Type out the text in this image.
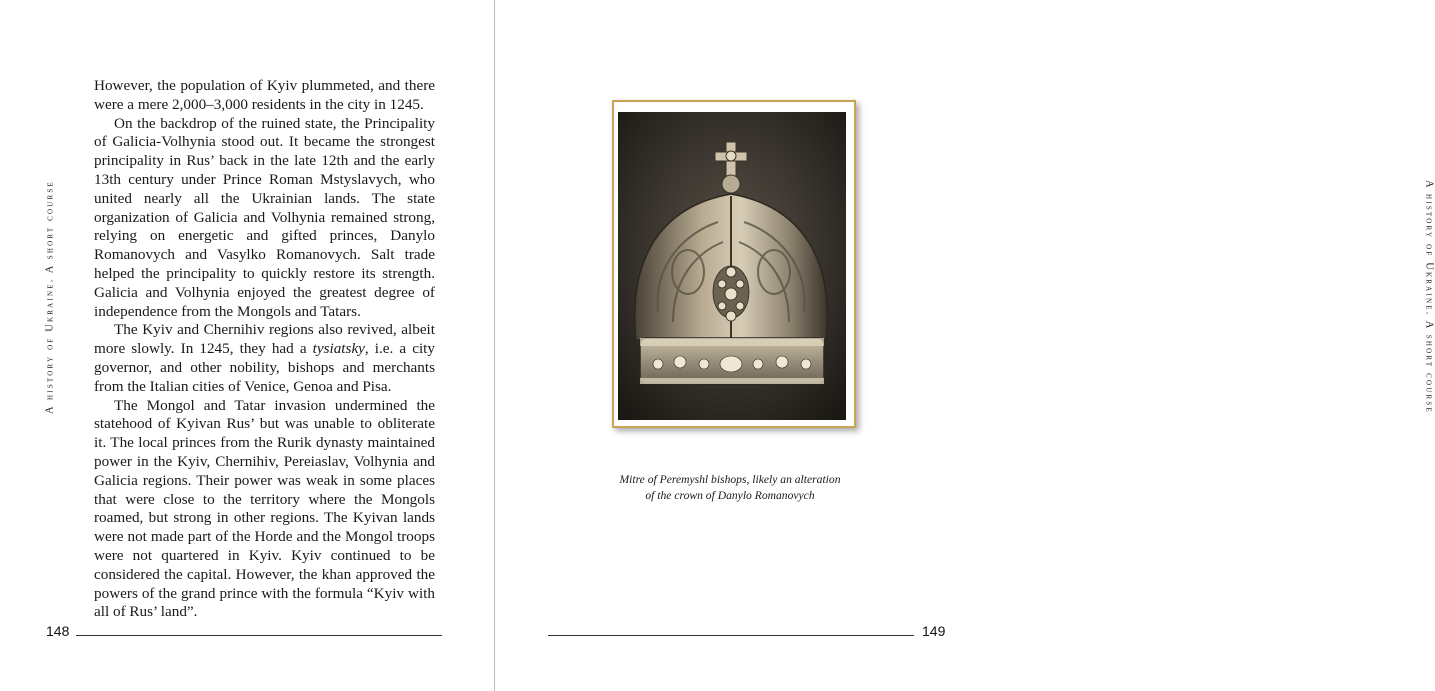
A history of Ukraine. A short course

However, the population of Kyiv plummeted, and there were a mere 2,000–3,000 residents in the city in 1245.

On the backdrop of the ruined state, the Principality of Galicia-Volhynia stood out. It became the strongest principality in Rus’ back in the late 12th and the early 13th century under Prince Roman Mstyslavych, who united nearly all the Ukrainian lands. The state organization of Galicia and Volhynia remained strong, relying on energetic and gifted princes, Danylo Romanovych and Vasylko Romanovych. Salt trade helped the principality to quickly restore its strength. Galicia and Volhynia enjoyed the greatest degree of independence from the Mongols and Tatars.

The Kyiv and Chernihiv regions also revived, albeit more slowly. In 1245, they had a tysiatsky, i.e. a city governor, and other nobility, bishops and merchants from the Italian cities of Venice, Genoa and Pisa.

The Mongol and Tatar invasion undermined the statehood of Kyivan Rus’ but was unable to obliterate it. The local princes from the Rurik dynasty maintained power in the Kyiv, Chernihiv, Pereiaslav, Volhynia and Galicia regions. Their power was weak in some places that were close to the territory where the Mongols roamed, but strong in other regions. The Kyivan lands were not made part of the Horde and the Mongol troops were not quartered in Kyiv. Kyiv continued to be considered the capital. However, the khan approved the powers of the grand prince with the formula “Kyiv with all of Rus’ land”.

148
A history of Ukraine. A short course
Mitre of Peremyshl bishops, likely an alteration
of the crown of Danylo Romanovych
149
